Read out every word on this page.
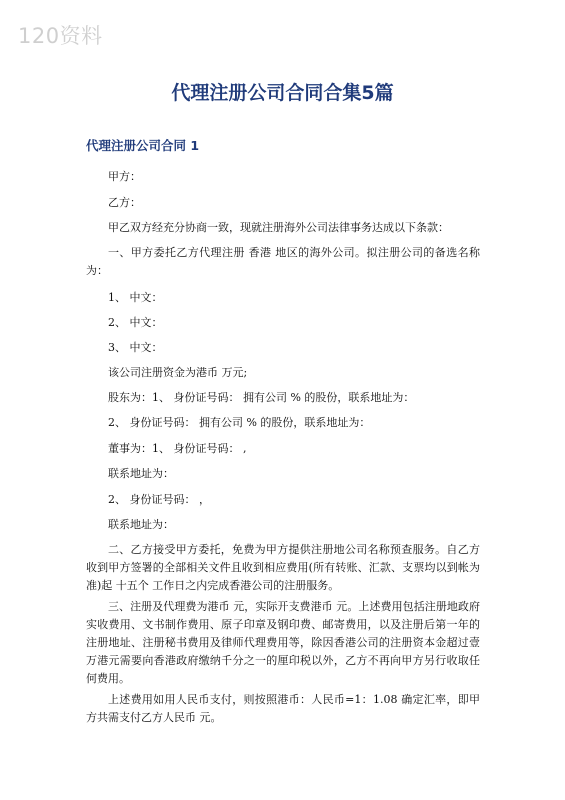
120资料
代理注册公司合同合集5篇
代理注册公司合同 1
甲方：
乙方：
甲乙双方经充分协商一致，现就注册海外公司法律事务达成以下条款：
一、甲方委托乙方代理注册 香港 地区的海外公司。拟注册公司的备选名称为：
1、 中文：
2、 中文：
3、 中文：
该公司注册资金为港币 万元;
股东为：1、 身份证号码： 拥有公司 % 的股份，联系地址为：
2、 身份证号码： 拥有公司 % 的股份，联系地址为：
董事为：1、 身份证号码： ,
联系地址为：
2、 身份证号码： ，
联系地址为：
二、乙方接受甲方委托，免费为甲方提供注册地公司名称预查服务。自乙方收到甲方签署的全部相关文件且收到相应费用(所有转账、汇款、支票均以到帐为准)起 十五个 工作日之内完成香港公司的注册服务。
三、注册及代理费为港币 元，实际开支费港币 元。上述费用包括注册地政府实收费用、文书制作费用、原子印章及钢印费、邮寄费用，以及注册后第一年的注册地址、注册秘书费用及律师代理费用等，除因香港公司的注册资本金超过壹万港元需要向香港政府缴纳千分之一的厘印税以外，乙方不再向甲方另行收取任何费用。
上述费用如用人民币支付，则按照港币：人民币=1：1.08 确定汇率，即甲方共需支付乙方人民币 元。
